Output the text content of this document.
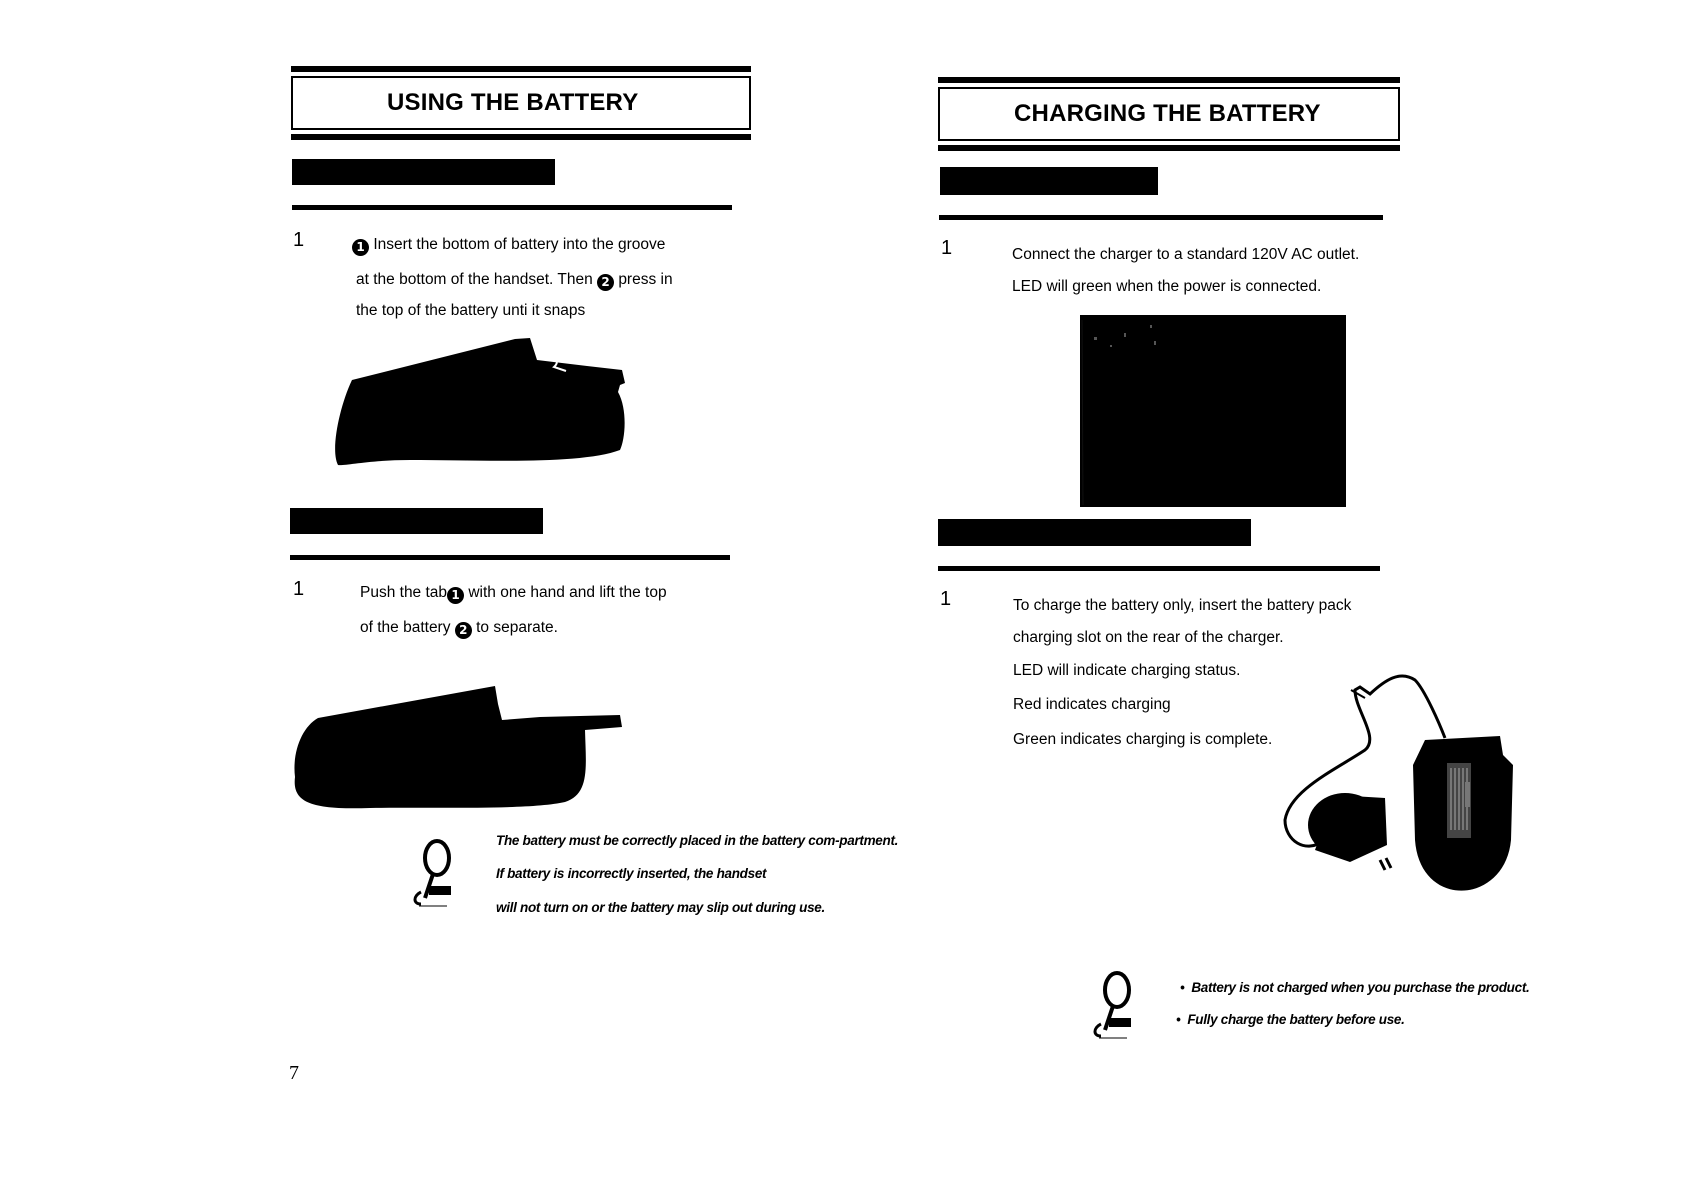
USING THE BATTERY
1	1 Insert the bottom of battery into the groove
at the bottom of the handset. Then 2 press in
the top of the battery unti it snaps
1	Push the tab 1 with one hand and lift the top
of the battery 2 to separate.
The battery must be correctly placed in the battery com-partment.
If battery is incorrectly inserted, the handset
will not turn on or the battery may slip out during use.
7
CHARGING THE BATTERY
1	Connect the charger to a standard 120V AC outlet.
LED will green when the power is connected.
1	To charge the battery only, insert the battery pack
charging slot on the rear of the charger.
LED will indicate charging status.
Red indicates charging
Green indicates charging is complete.
•  Battery is not charged when you purchase the product.
•  Fully charge the battery before use.
